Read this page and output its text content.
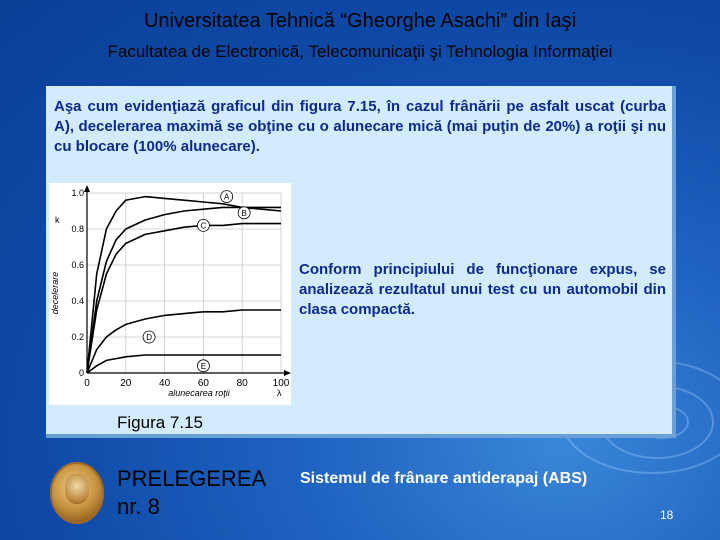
Universitatea Tehnică “Gheorghe Asachi” din Iaşi
Facultatea de Electronică, Telecomunicaţii şi Tehnologia Informaţiei
Aşa cum evidenţiază graficul din figura 7.15, în cazul frânării pe asfalt uscat (curba A), decelerarea maximă se obţine cu o alunecare mică (mai puţin de 20%) a roţii şi nu cu blocare (100% alunecare).
A
B
C
D
E
0	20	40	60	80 100
0
0.2
0.4
0.6
0.8
1.0
alunecarea roţii	λ
decelerare
k
Conform principiului de funcţionare expus, se analizează rezultatul unui test cu un automobil din clasa compactă.
Figura 7.15
PRELEGEREA
nr. 8
Sistemul de frânare antiderapaj (ABS)
18
